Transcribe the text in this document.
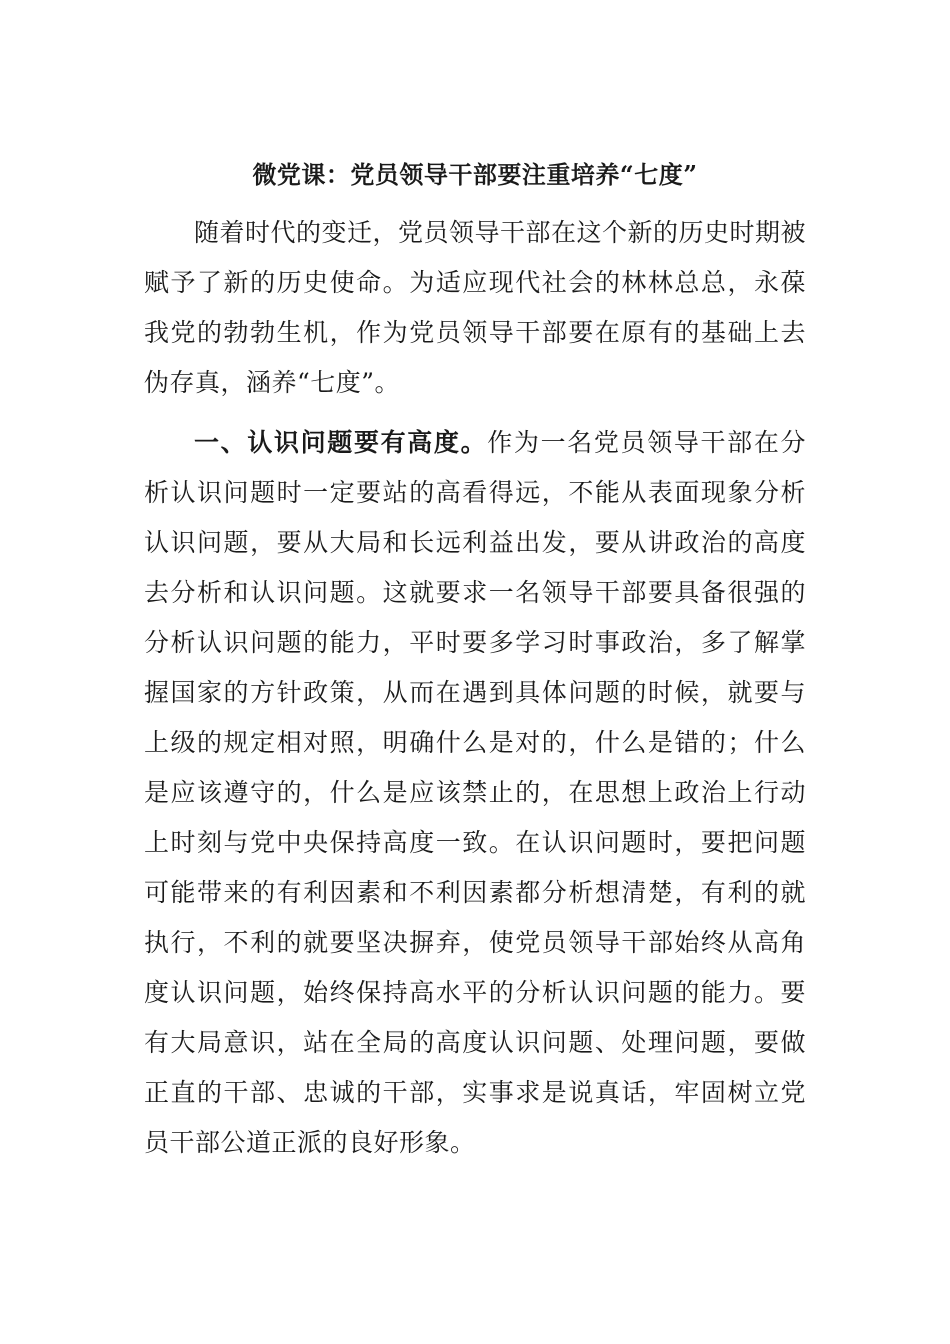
微党课：党员领导干部要注重培养“七度”

随着时代的变迁，党员领导干部在这个新的历史时期被赋予了新的历史使命。为适应现代社会的林林总总，永葆我党的勃勃生机，作为党员领导干部要在原有的基础上去伪存真，涵养“七度”。

一、认识问题要有高度。作为一名党员领导干部在分析认识问题时一定要站的高看得远，不能从表面现象分析认识问题，要从大局和长远利益出发，要从讲政治的高度去分析和认识问题。这就要求一名领导干部要具备很强的分析认识问题的能力，平时要多学习时事政治，多了解掌握国家的方针政策，从而在遇到具体问题的时候，就要与上级的规定相对照，明确什么是对的，什么是错的；什么是应该遵守的，什么是应该禁止的，在思想上政治上行动上时刻与党中央保持高度一致。在认识问题时，要把问题可能带来的有利因素和不利因素都分析想清楚，有利的就执行，不利的就要坚决摒弃，使党员领导干部始终从高角度认识问题，始终保持高水平的分析认识问题的能力。要有大局意识，站在全局的高度认识问题、处理问题，要做正直的干部、忠诚的干部，实事求是说真话，牢固树立党员干部公道正派的良好形象。
